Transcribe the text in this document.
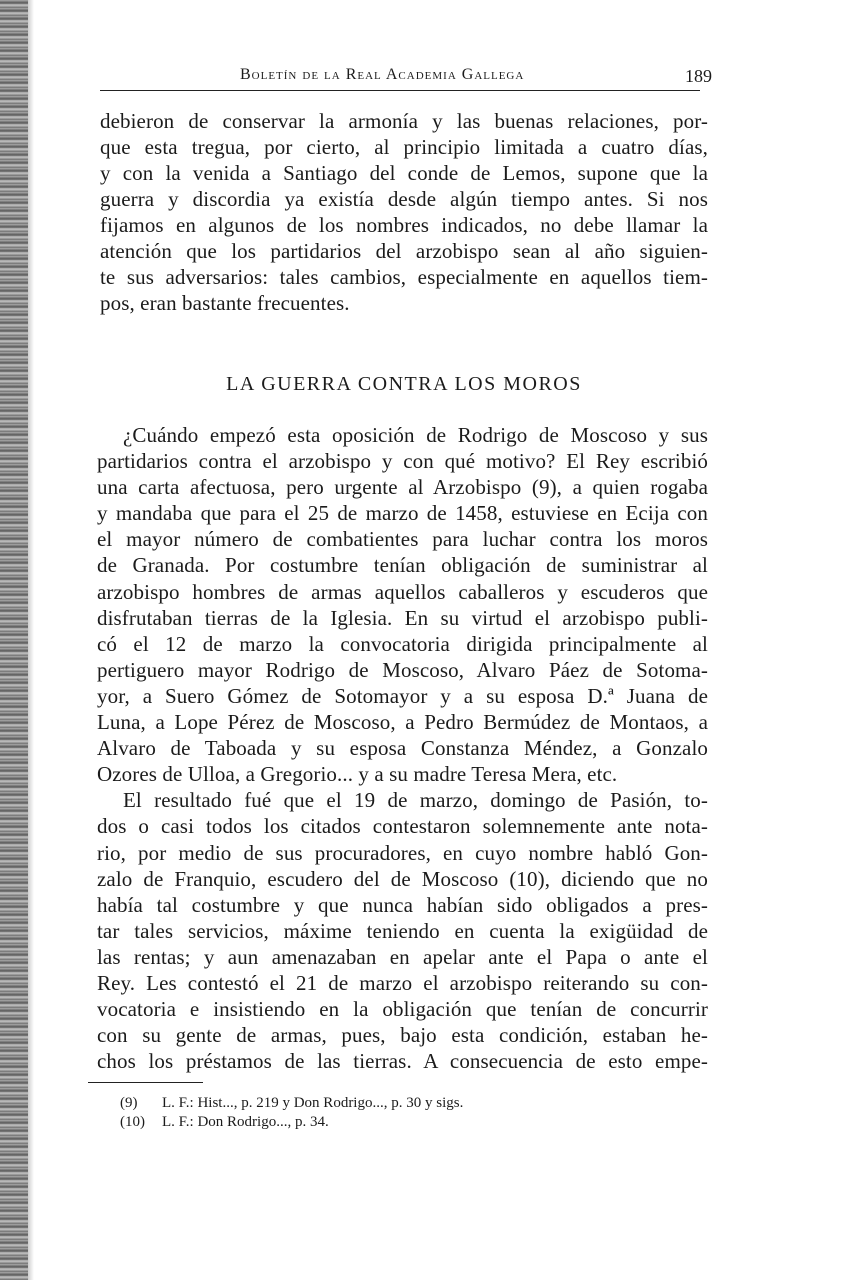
Boletín de la Real Academia Gallega	189
debieron de conservar la armonía y las buenas relaciones, por-
que esta tregua, por cierto, al principio limitada a cuatro días,
y con la venida a Santiago del conde de Lemos, supone que la
guerra y discordia ya existía desde algún tiempo antes. Si nos
fijamos en algunos de los nombres indicados, no debe llamar la
atención que los partidarios del arzobispo sean al año siguien-
te sus adversarios: tales cambios, especialmente en aquellos tiem-
pos, eran bastante frecuentes.
LA GUERRA CONTRA LOS MOROS
¿Cuándo empezó esta oposición de Rodrigo de Moscoso y sus
partidarios contra el arzobispo y con qué motivo? El Rey escribió
una carta afectuosa, pero urgente al Arzobispo (9), a quien rogaba
y mandaba que para el 25 de marzo de 1458, estuviese en Ecija con
el mayor número de combatientes para luchar contra los moros
de Granada. Por costumbre tenían obligación de suministrar al
arzobispo hombres de armas aquellos caballeros y escuderos que
disfrutaban tierras de la Iglesia. En su virtud el arzobispo publi-
có el 12 de marzo la convocatoria dirigida principalmente al
pertiguero mayor Rodrigo de Moscoso, Alvaro Páez de Sotoma-
yor, a Suero Gómez de Sotomayor y a su esposa D.ª Juana de
Luna, a Lope Pérez de Moscoso, a Pedro Bermúdez de Montaos, a
Alvaro de Taboada y su esposa Constanza Méndez, a Gonzalo
Ozores de Ulloa, a Gregorio... y a su madre Teresa Mera, etc.
El resultado fué que el 19 de marzo, domingo de Pasión, to-
dos o casi todos los citados contestaron solemnemente ante nota-
rio, por medio de sus procuradores, en cuyo nombre habló Gon-
zalo de Franquio, escudero del de Moscoso (10), diciendo que no
había tal costumbre y que nunca habían sido obligados a pres-
tar tales servicios, máxime teniendo en cuenta la exigüidad de
las rentas; y aun amenazaban en apelar ante el Papa o ante el
Rey. Les contestó el 21 de marzo el arzobispo reiterando su con-
vocatoria e insistiendo en la obligación que tenían de concurrir
con su gente de armas, pues, bajo esta condición, estaban he-
chos los préstamos de las tierras. A consecuencia de esto empe-
(9) L. F.: Hist..., p. 219 y Don Rodrigo..., p. 30 y sigs.
(10) L. F.: Don Rodrigo..., p. 34.
